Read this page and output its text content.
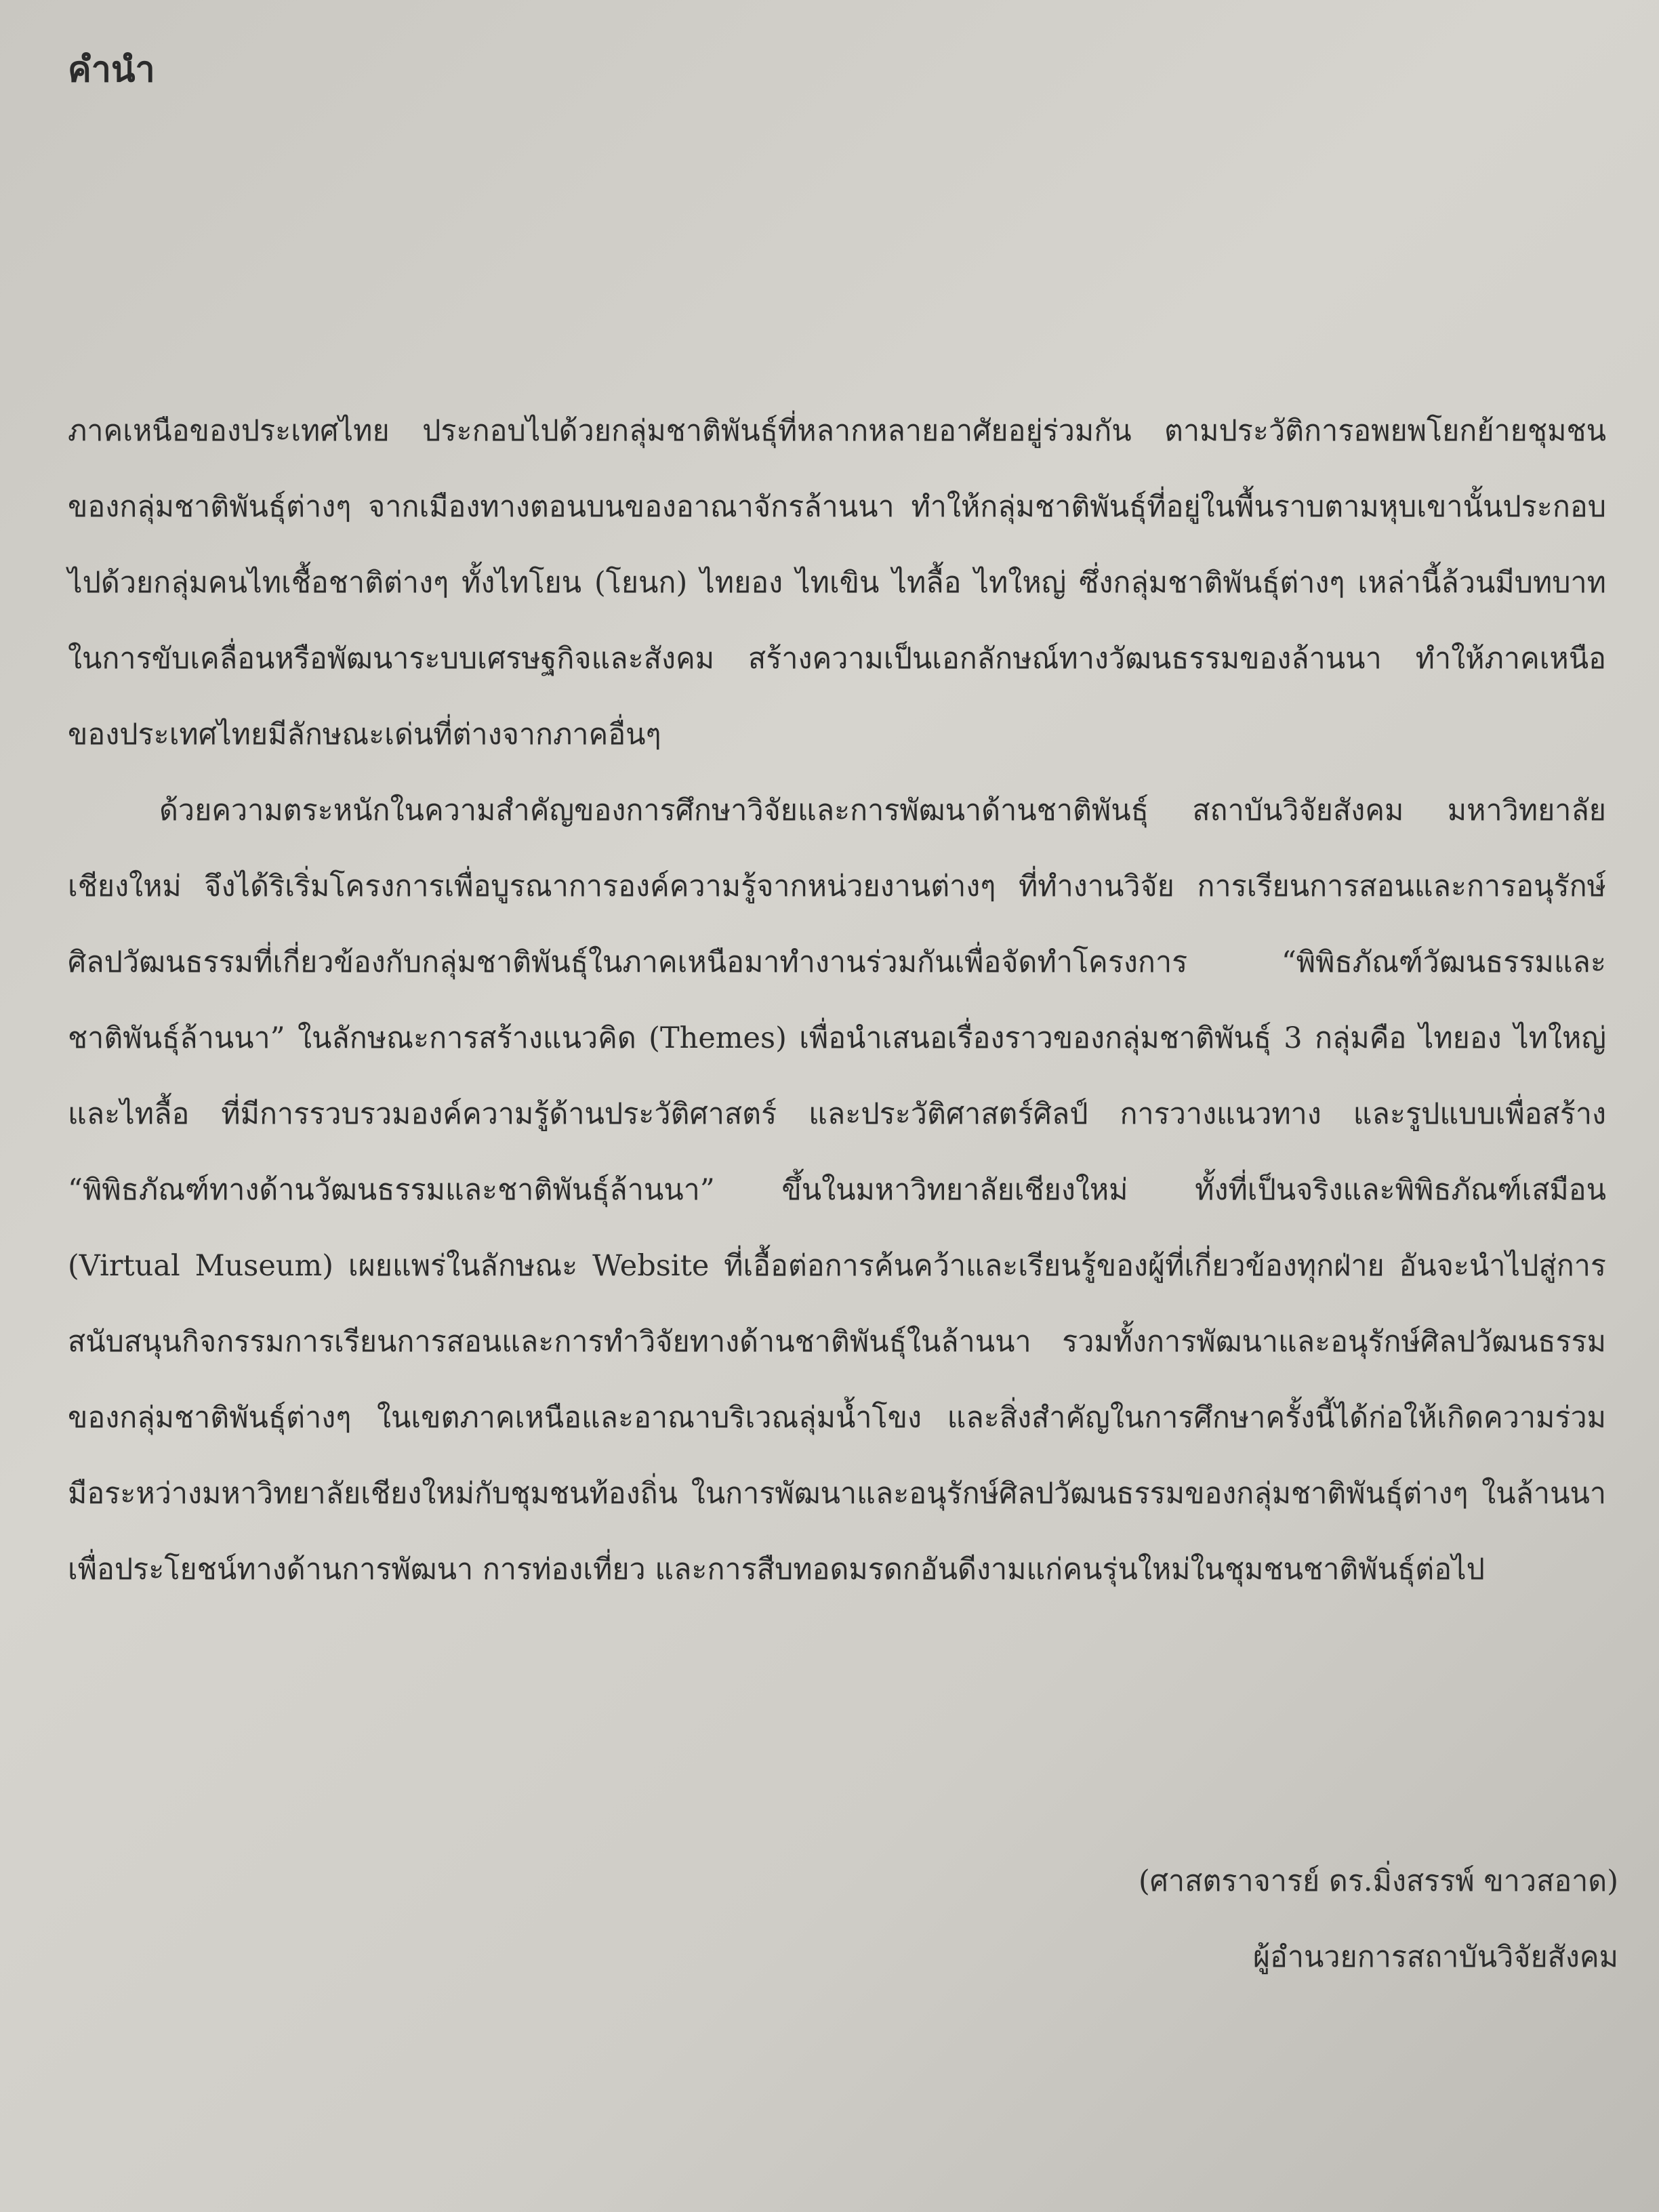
คำนำ

ภาคเหนือของประเทศไทย ประกอบไปด้วยกลุ่มชาติพันธุ์ที่หลากหลายอาศัยอยู่ร่วมกัน ตามประวัติการอพยพโยกย้ายชุมชนของกลุ่มชาติพันธุ์ต่างๆ จากเมืองทางตอนบนของอาณาจักรล้านนา ทำให้กลุ่มชาติพันธุ์ที่อยู่ในพื้นราบตามหุบเขานั้นประกอบไปด้วยกลุ่มคนไทเชื้อชาติต่างๆ ทั้งไทโยน (โยนก) ไทยอง ไทเขิน ไทลื้อ ไทใหญ่ ซึ่งกลุ่มชาติพันธุ์ต่างๆ เหล่านี้ล้วนมีบทบาทในการขับเคลื่อนหรือพัฒนาระบบเศรษฐกิจและสังคม สร้างความเป็นเอกลักษณ์ทางวัฒนธรรมของล้านนา ทำให้ภาคเหนือของประเทศไทยมีลักษณะเด่นที่ต่างจากภาคอื่นๆ

ด้วยความตระหนักในความสำคัญของการศึกษาวิจัยและการพัฒนาด้านชาติพันธุ์ สถาบันวิจัยสังคม มหาวิทยาลัยเชียงใหม่ จึงได้ริเริ่มโครงการเพื่อบูรณาการองค์ความรู้จากหน่วยงานต่างๆ ที่ทำงานวิจัย การเรียนการสอนและการอนุรักษ์ศิลปวัฒนธรรมที่เกี่ยวข้องกับกลุ่มชาติพันธุ์ในภาคเหนือมาทำงานร่วมกันเพื่อจัดทำโครงการ “พิพิธภัณฑ์วัฒนธรรมและชาติพันธุ์ล้านนา” ในลักษณะการสร้างแนวคิด (Themes) เพื่อนำเสนอเรื่องราวของกลุ่มชาติพันธุ์ 3 กลุ่มคือ ไทยอง ไทใหญ่ และไทลื้อ ที่มีการรวบรวมองค์ความรู้ด้านประวัติศาสตร์ และประวัติศาสตร์ศิลป์ การวางแนวทาง และรูปแบบเพื่อสร้าง “พิพิธภัณฑ์ทางด้านวัฒนธรรมและชาติพันธุ์ล้านนา” ขึ้นในมหาวิทยาลัยเชียงใหม่ ทั้งที่เป็นจริงและพิพิธภัณฑ์เสมือน (Virtual Museum) เผยแพร่ในลักษณะ Website ที่เอื้อต่อการค้นคว้าและเรียนรู้ของผู้ที่เกี่ยวข้องทุกฝ่าย อันจะนำไปสู่การสนับสนุนกิจกรรมการเรียนการสอนและการทำวิจัยทางด้านชาติพันธุ์ในล้านนา รวมทั้งการพัฒนาและอนุรักษ์ศิลปวัฒนธรรมของกลุ่มชาติพันธุ์ต่างๆ ในเขตภาคเหนือและอาณาบริเวณลุ่มน้ำโขง และสิ่งสำคัญในการศึกษาครั้งนี้ได้ก่อให้เกิดความร่วมมือระหว่างมหาวิทยาลัยเชียงใหม่กับชุมชนท้องถิ่น ในการพัฒนาและอนุรักษ์ศิลปวัฒนธรรมของกลุ่มชาติพันธุ์ต่างๆ ในล้านนา เพื่อประโยชน์ทางด้านการพัฒนา การท่องเที่ยว และการสืบทอดมรดกอันดีงามแก่คนรุ่นใหม่ในชุมชนชาติพันธุ์ต่อไป

(ศาสตราจารย์ ดร.มิ่งสรรพ์ ขาวสอาด)
ผู้อำนวยการสถาบันวิจัยสังคม
